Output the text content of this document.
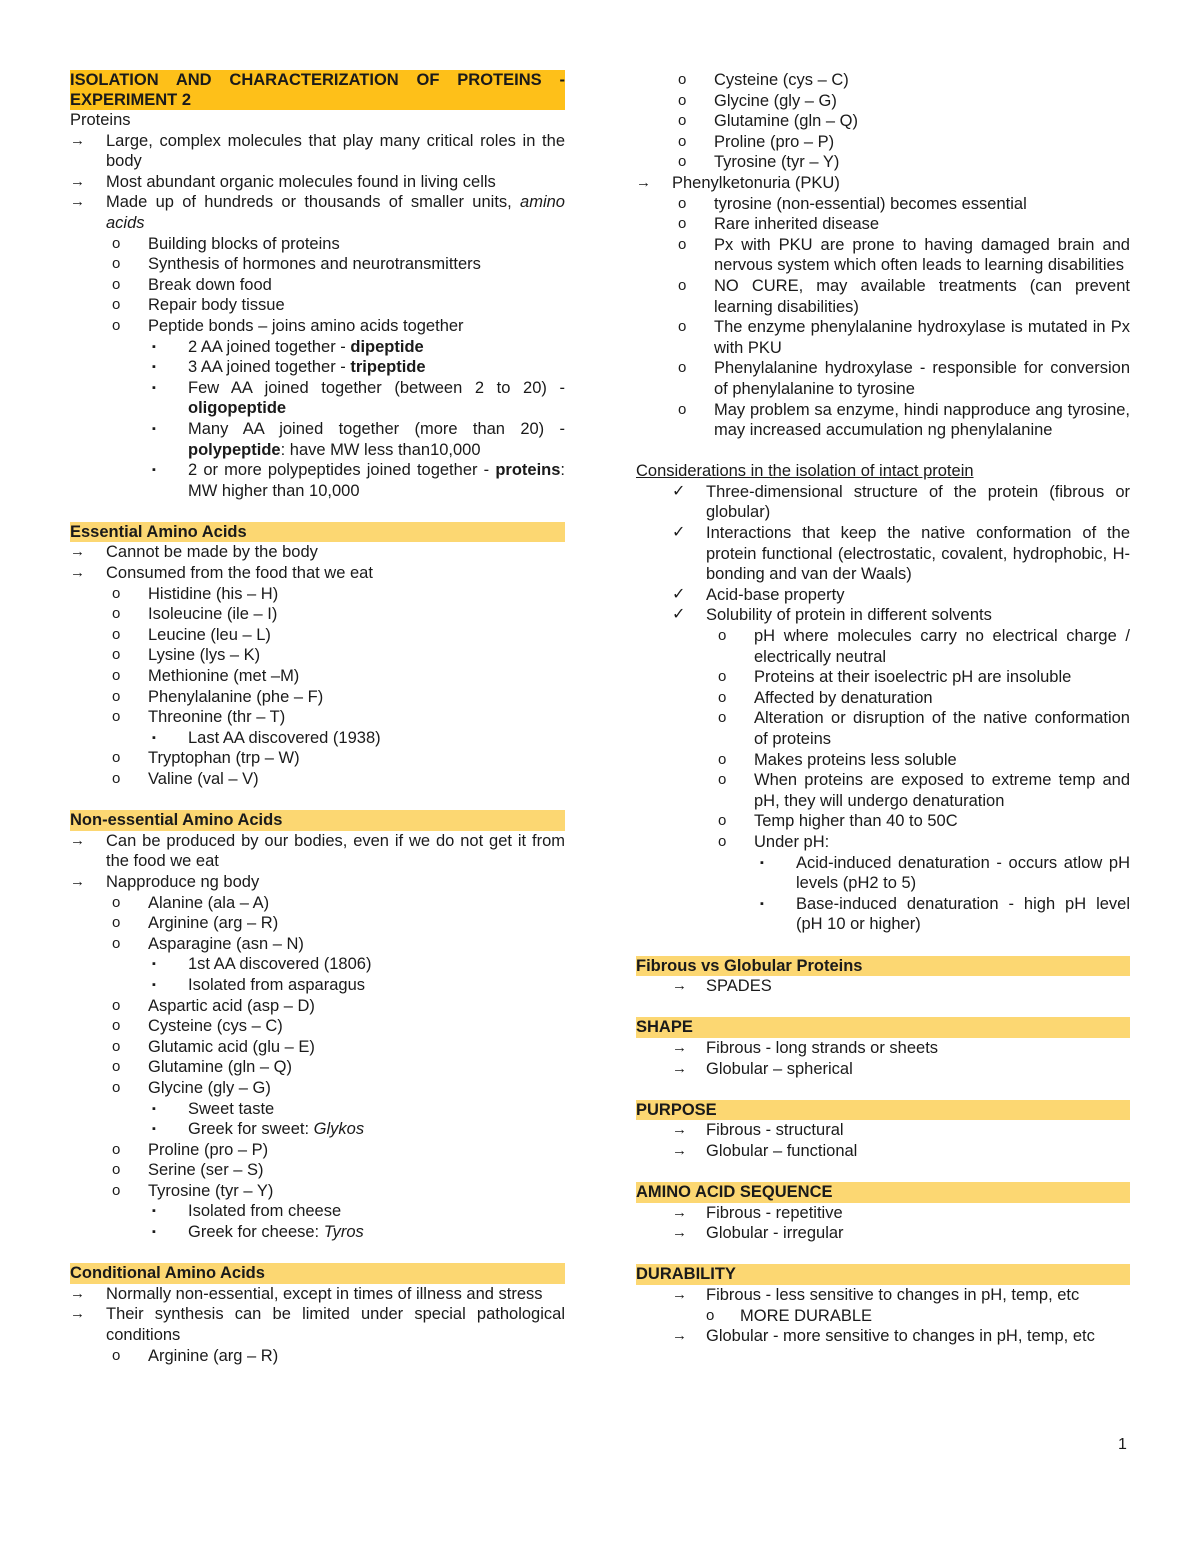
ISOLATION AND CHARACTERIZATION OF PROTEINS -
EXPERIMENT 2
Proteins
→	Large, complex molecules that play many critical roles in the body
→	Most abundant organic molecules found in living cells
→	Made up of hundreds or thousands of smaller units, amino acids
o	Building blocks of proteins
o	Synthesis of hormones and neurotransmitters
o	Break down food
o	Repair body tissue
o	Peptide bonds – joins amino acids together
▪	2 AA joined together - dipeptide
▪	3 AA joined together - tripeptide
▪	Few AA joined together (between 2 to 20) - oligopeptide
▪	Many AA joined together (more than 20) - polypeptide: have MW less than10,000
▪	2 or more polypeptides joined together - proteins: MW higher than 10,000
Essential Amino Acids
→	Cannot be made by the body
→	Consumed from the food that we eat
o	Histidine (his – H)
o	Isoleucine (ile – I)
o	Leucine (leu – L)
o	Lysine (lys – K)
o	Methionine (met –M)
o	Phenylalanine (phe – F)
o	Threonine (thr – T)
▪	Last AA discovered (1938)
o	Tryptophan (trp – W)
o	Valine (val – V)
Non-essential Amino Acids
→	Can be produced by our bodies, even if we do not get it from the food we eat
→	Napproduce ng body
o	Alanine (ala – A)
o	Arginine (arg – R)
o	Asparagine (asn – N)
▪	1st AA discovered (1806)
▪	Isolated from asparagus
o	Aspartic acid (asp – D)
o	Cysteine (cys – C)
o	Glutamic acid (glu – E)
o	Glutamine (gln – Q)
o	Glycine (gly – G)
▪	Sweet taste
▪	Greek for sweet: Glykos
o	Proline (pro – P)
o	Serine (ser – S)
o	Tyrosine (tyr – Y)
▪	Isolated from cheese
▪	Greek for cheese: Tyros
Conditional Amino Acids
→	Normally non-essential, except in times of illness and stress
→	Their synthesis can be limited under special pathological conditions
o	Arginine (arg – R)
o	Cysteine (cys – C)
o	Glycine (gly – G)
o	Glutamine (gln – Q)
o	Proline (pro – P)
o	Tyrosine (tyr – Y)
→	Phenylketonuria (PKU)
o	tyrosine (non-essential) becomes essential
o	Rare inherited disease
o	Px with PKU are prone to having damaged brain and nervous system which often leads to learning disabilities
o	NO CURE, may available treatments (can prevent learning disabilities)
o	The enzyme phenylalanine hydroxylase is mutated in Px with PKU
o	Phenylalanine hydroxylase - responsible for conversion of phenylalanine to tyrosine
o	May problem sa enzyme, hindi napproduce ang tyrosine, may increased accumulation ng phenylalanine
Considerations in the isolation of intact protein
✓	Three-dimensional structure of the protein (fibrous or globular)
✓	Interactions that keep the native conformation of the protein functional (electrostatic, covalent, hydrophobic, H-bonding and van der Waals)
✓	Acid-base property
✓	Solubility of protein in different solvents
o	pH where molecules carry no electrical charge / electrically neutral
o	Proteins at their isoelectric pH are insoluble
o	Affected by denaturation
o	Alteration or disruption of the native conformation of proteins
o	Makes proteins less soluble
o	When proteins are exposed to extreme temp and pH, they will undergo denaturation
o	Temp higher than 40 to 50C
o	Under pH:
▪	Acid-induced denaturation - occurs atlow pH levels (pH2 to 5)
▪	Base-induced denaturation - high pH level (pH 10 or higher)
Fibrous vs Globular Proteins
→	SPADES
SHAPE
→	Fibrous - long strands or sheets
→	Globular – spherical
PURPOSE
→	Fibrous - structural
→	Globular – functional
AMINO ACID SEQUENCE
→	Fibrous - repetitive
→	Globular - irregular
DURABILITY
→	Fibrous - less sensitive to changes in pH, temp, etc
o	MORE DURABLE
→	Globular - more sensitive to changes in pH, temp, etc
1
